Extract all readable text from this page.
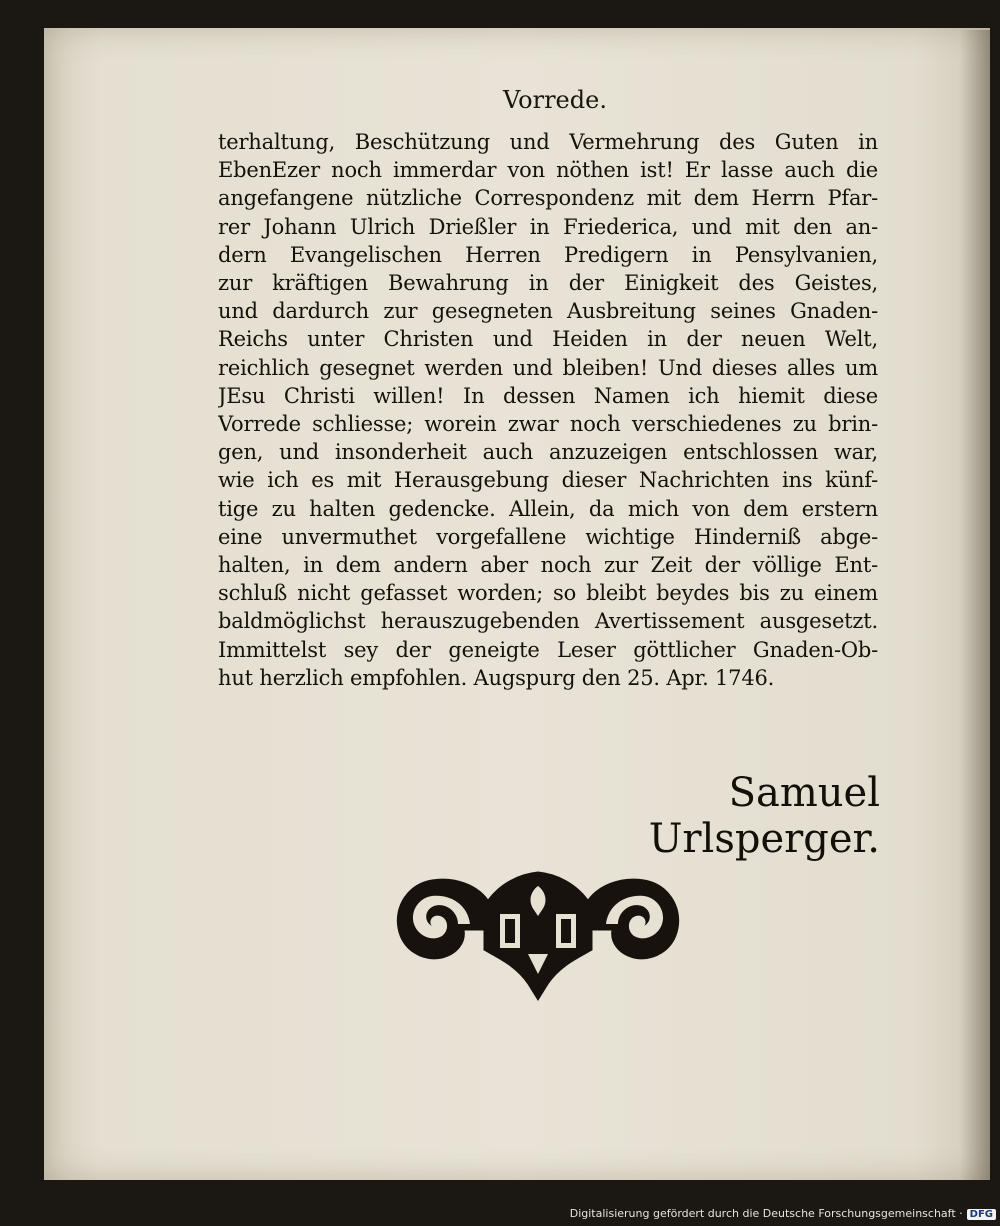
Vorrede.
terhaltung, Beschützung und Vermehrung des Guten in
EbenEzer noch immerdar von nöthen ist! Er lasse auch die
angefangene nützliche Correspondenz mit dem Herrn Pfar-
rer Johann Ulrich Drießler in Friederica, und mit den an-
dern Evangelischen Herren Predigern in Pensylvanien,
zur kräftigen Bewahrung in der Einigkeit des Geistes,
und dardurch zur gesegneten Ausbreitung seines Gnaden-
Reichs unter Christen und Heiden in der neuen Welt,
reichlich gesegnet werden und bleiben! Und dieses alles um
JEsu Christi willen! In dessen Namen ich hiemit diese
Vorrede schliesse; worein zwar noch verschiedenes zu brin-
gen, und insonderheit auch anzuzeigen entschlossen war,
wie ich es mit Herausgebung dieser Nachrichten ins künf-
tige zu halten gedencke. Allein, da mich von dem erstern
eine unvermuthet vorgefallene wichtige Hinderniß abge-
halten, in dem andern aber noch zur Zeit der völlige Ent-
schluß nicht gefasset worden; so bleibt beydes bis zu einem
baldmöglichst herauszugebenden Avertissement ausgesetzt.
Immittelst sey der geneigte Leser göttlicher Gnaden-Ob-
hut herzlich empfohlen. Augspurg den 25. Apr. 1746.
Samuel Urlsperger.
Digitalisierung gefördert durch die Deutsche Forschungsgemeinschaft · DFG
